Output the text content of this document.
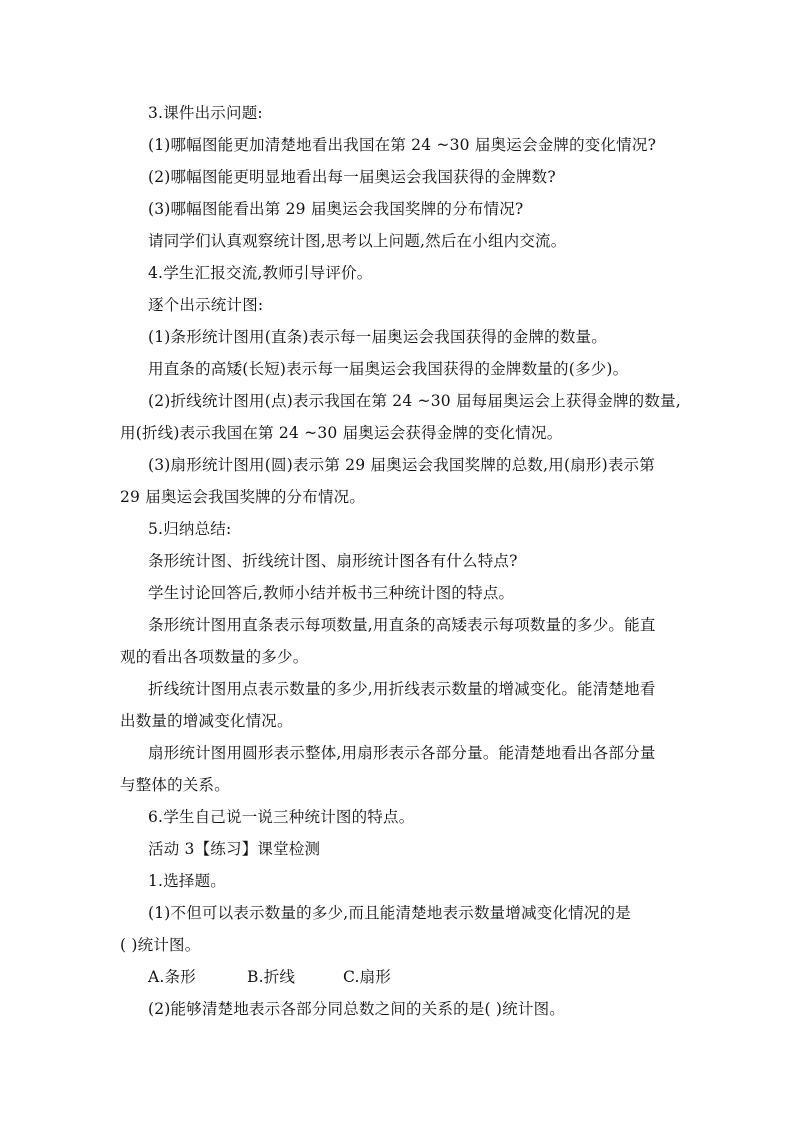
3.课件出示问题:
(1)哪幅图能更加清楚地看出我国在第 24 ~30 届奥运会金牌的变化情况?
(2)哪幅图能更明显地看出每一届奥运会我国获得的金牌数?
(3)哪幅图能看出第 29 届奥运会我国奖牌的分布情况?
请同学们认真观察统计图,思考以上问题,然后在小组内交流。
4.学生汇报交流,教师引导评价。
逐个出示统计图:
(1)条形统计图用(直条)表示每一届奥运会我国获得的金牌的数量。
用直条的高矮(长短)表示每一届奥运会我国获得的金牌数量的(多少)。
(2)折线统计图用(点)表示我国在第 24 ~30 届每届奥运会上获得金牌的数量,
用(折线)表示我国在第 24 ~30 届奥运会获得金牌的变化情况。
(3)扇形统计图用(圆)表示第 29 届奥运会我国奖牌的总数,用(扇形)表示第
29 届奥运会我国奖牌的分布情况。
5.归纳总结:
条形统计图、折线统计图、扇形统计图各有什么特点?
学生讨论回答后,教师小结并板书三种统计图的特点。
条形统计图用直条表示每项数量,用直条的高矮表示每项数量的多少。能直
观的看出各项数量的多少。
折线统计图用点表示数量的多少,用折线表示数量的增减变化。能清楚地看
出数量的增减变化情况。
扇形统计图用圆形表示整体,用扇形表示各部分量。能清楚地看出各部分量
与整体的关系。
6.学生自己说一说三种统计图的特点。
活动 3【练习】课堂检测
1.选择题。
(1)不但可以表示数量的多少,而且能清楚地表示数量增减变化情况的是
( )统计图。
A.条形	B.折线	C.扇形
(2)能够清楚地表示各部分同总数之间的关系的是( )统计图。
